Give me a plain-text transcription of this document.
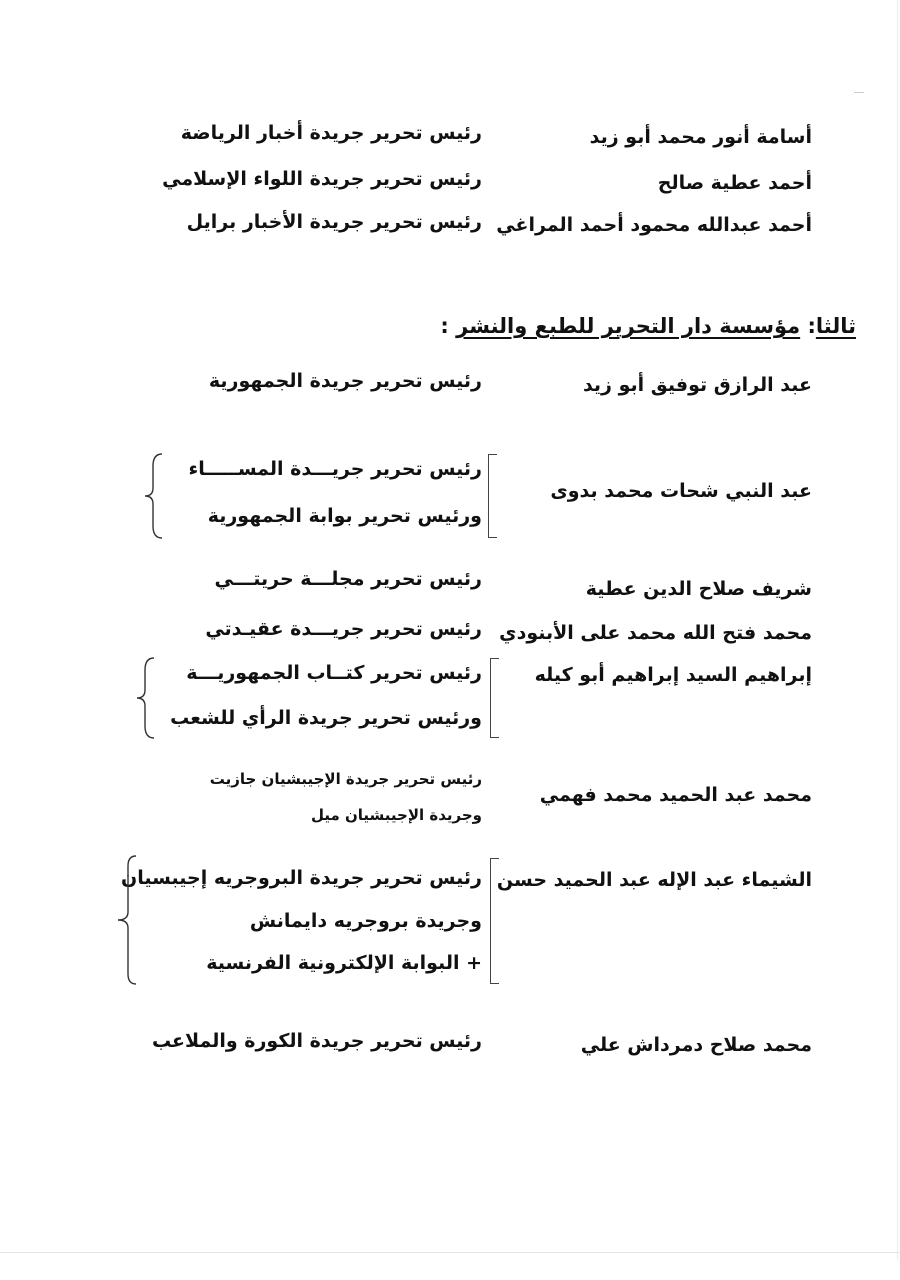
أسامة أنور محمد أبو زيد
رئيس تحرير جريدة أخبار الرياضة
أحمد عطية صالح
رئيس تحرير جريدة اللواء الإسلامي
أحمد عبدالله محمود أحمد المراغي
رئيس تحرير جريدة الأخبار برايل
ثالثا: مؤسسة دار التحرير للطبع والنشر :
عبد الرازق توفيق أبو زيد
رئيس تحرير جريدة الجمهورية
عبد النبي شحات محمد بدوى
رئيس تحرير جريـــدة المســـــاء
ورئيس تحرير بوابة الجمهورية
شريف صلاح الدين عطية
رئيس تحرير مجلـــة حريتـــي
محمد فتح الله محمد على الأبنودي
رئيس تحرير جريـــدة عقيـدتي
إبراهيم السيد إبراهيم أبو كيله
رئيس تحرير كتــاب الجمهوريـــة
ورئيس تحرير جريدة الرأي للشعب
محمد عبد الحميد محمد فهمي
رئيس تحرير جريدة الإجيبشيان جازيت
وجريدة الإجيبشيان ميل
الشيماء عبد الإله عبد الحميد حسن
رئيس تحرير جريدة البروجريه إجيبسيان
وجريدة بروجريه دايمانش
+ البوابة الإلكترونية الفرنسية
محمد صلاح دمرداش علي
رئيس تحرير جريدة الكورة والملاعب
